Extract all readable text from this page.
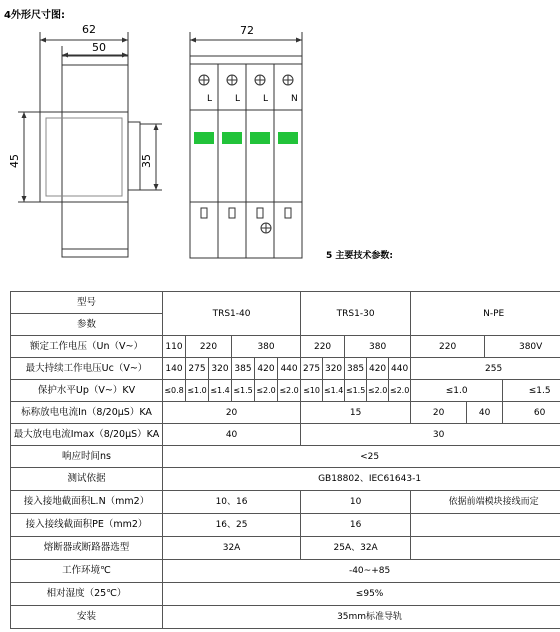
4外形尺寸图:
62
50
72
45	35
L	L	L	N
5 主要技术参数:
型号	TRS1-40						TRS1-30					N-PE			
参数															
额定工作电压（Un（V~）	110	220		380			220		380			220		380V	
最大持续工作电压Uc（V~）	140	275	320	385	420	440	275	320	385	420	440	255			
保护水平Up（V~）KV	≤0.8	≤1.0	≤1.4	≤1.5	≤2.0	≤2.0	≤10	≤1.4	≤1.5	≤2.0	≤2.0	≤1.0			≤1.5
标称放电电流In（8/20μS）KA	20						15					20	40		60
最大放电电流Imax（8/20μS）KA	40						30								
响应时间ns	<25														
测试依据	GB18802、IEC61643-1														
接入接地截面积L.N（mm2）	10、16						10					依据前端模块接线而定			
接入接线截面积PE（mm2）	16、25						16								
熔断器或断路器选型	32A						25A、32A								
工作环境℃	-40~+85														
相对湿度（25℃）	≤95%														
安装	35mm标准导轨														
